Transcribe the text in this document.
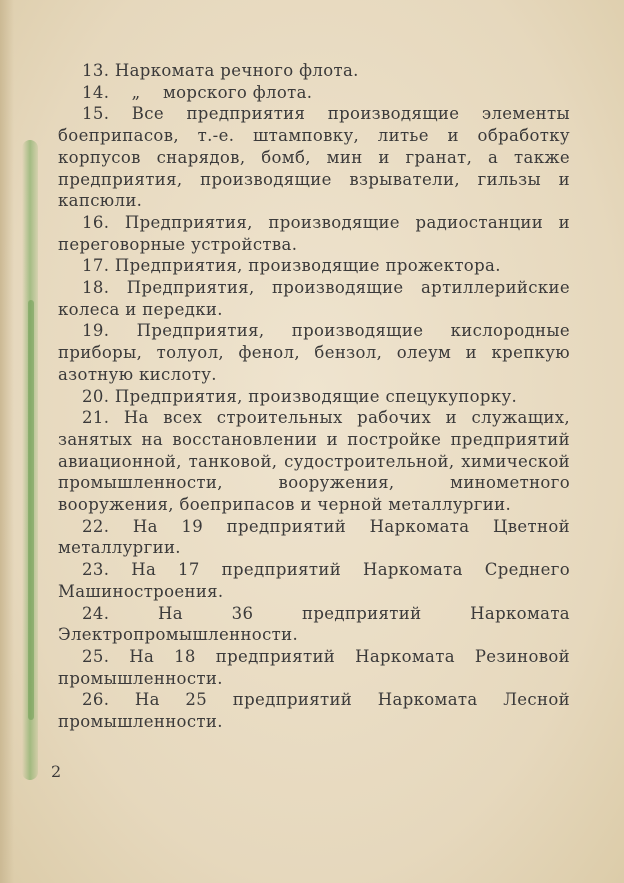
13. Наркомата речного флота.

14.    „    морского флота.

15. Все предприятия производящие элементы боеприпасов, т.-е. штамповку, литье и обработку корпусов снарядов, бомб, мин и гранат, а также предприятия, производящие взрыватели, гильзы и капсюли.

16. Предприятия, производящие радиостанции и переговорные устройства.

17. Предприятия, производящие прожектора.

18. Предприятия, производящие артиллерийские колеса и передки.

19. Предприятия, производящие кислородные приборы, толуол, фенол, бензол, олеум и крепкую азотную кислоту.

20. Предприятия, производящие спецукупорку.

21. На всех строительных рабочих и служащих, занятых на восстановлении и постройке предприятий авиационной, танковой, судостроительной, химической промышленности, вооружения, минометного вооружения, боеприпасов и черной металлургии.

22. На 19 предприятий Наркомата Цветной металлургии.

23. На 17 предприятий Наркомата Среднего Машиностроения.

24. На 36 предприятий Наркомата Электропромышленности.

25. На 18 предприятий Наркомата Резиновой промышленности.

26. На 25 предприятий Наркомата Лесной промышленности.

2
